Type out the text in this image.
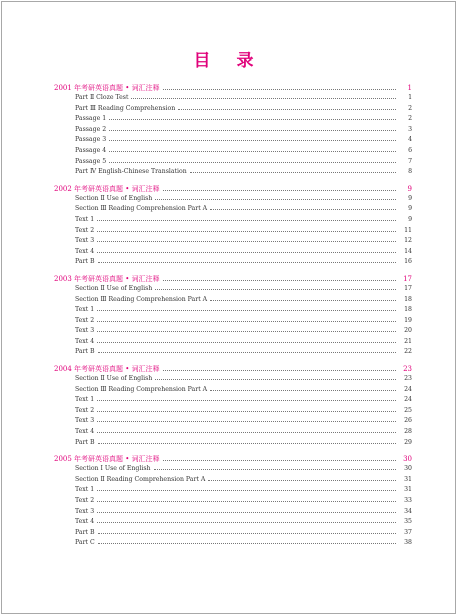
目 录
2001 年考研英语真题 • 词汇注释	1
Part Ⅱ Cloze Test	1
Part Ⅲ Reading Comprehension	2
Passage 1	2
Passage 2	3
Passage 3	4
Passage 4	6
Passage 5	7
Part Ⅳ English-Chinese Translation	8
2002 年考研英语真题 • 词汇注释	9
Section Ⅱ Use of English	9
Section Ⅲ Reading Comprehension Part A	9
Text 1	9
Text 2	11
Text 3	12
Text 4	14
Part B	16
2003 年考研英语真题 • 词汇注释	17
Section Ⅱ Use of English	17
Section Ⅲ Reading Comprehension Part A	18
Text 1	18
Text 2	19
Text 3	20
Text 4	21
Part B	22
2004 年考研英语真题 • 词汇注释	23
Section Ⅱ Use of English	23
Section Ⅲ Reading Comprehension Part A	24
Text 1	24
Text 2	25
Text 3	26
Text 4	28
Part B	29
2005 年考研英语真题 • 词汇注释	30
Section Ⅰ Use of English	30
Section Ⅱ Reading Comprehension Part A	31
Text 1	31
Text 2	33
Text 3	34
Text 4	35
Part B	37
Part C	38
